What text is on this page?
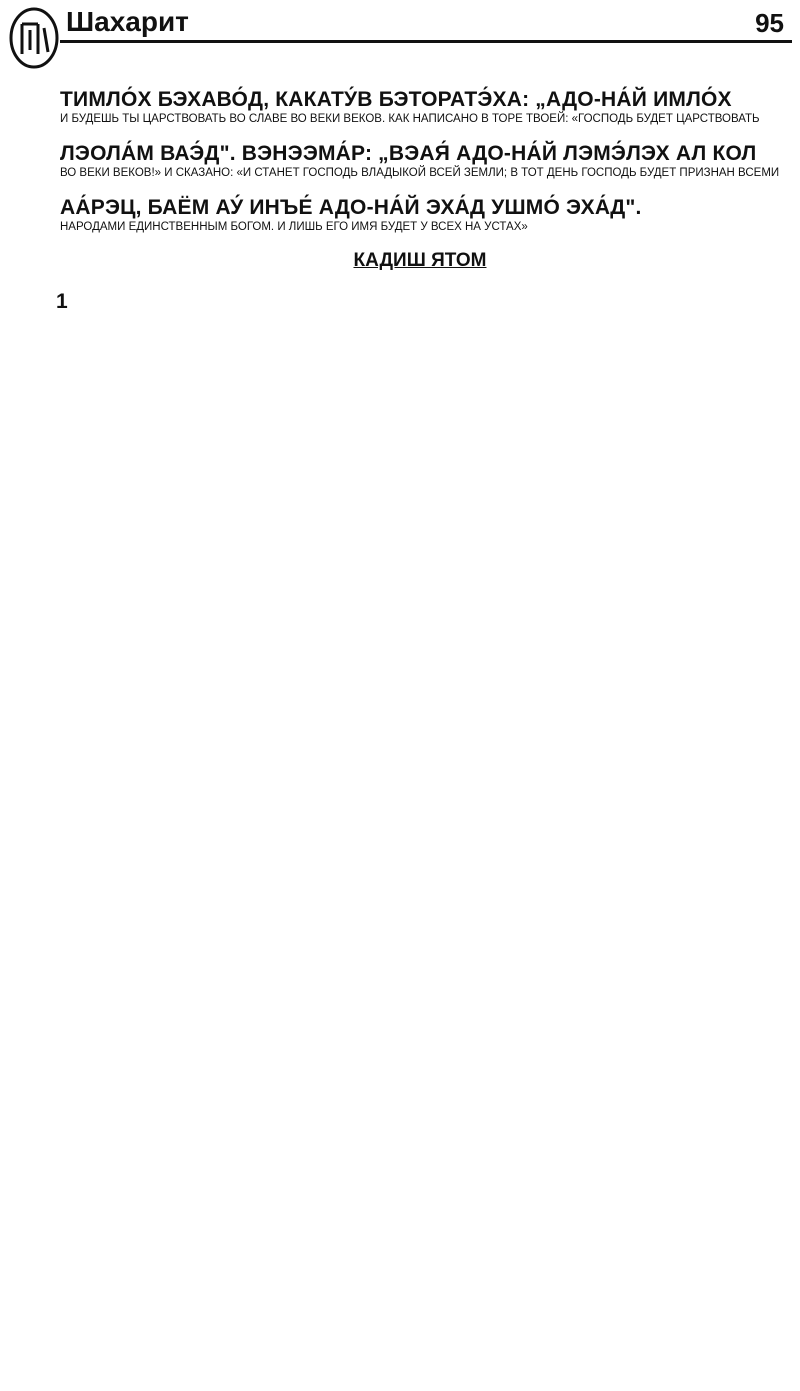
Шахарит	95
ТИМЛО́Х БЭХАВО́Д, КАКАТУ́В БЭТОРАТЭ́ХА: „АДО-НА́Й ИМЛО́Х
И БУДЕШЬ ТЫ ЦАРСТВОВАТЬ ВО СЛАВЕ ВО ВЕКИ ВЕКОВ. КАК НАПИСАНО В ТОРЕ ТВОЕЙ: «ГОСПОДЬ БУДЕТ ЦАРСТВОВАТЬ
ЛЭОЛА́М ВАЭ́Д". ВЭНЭЭМА́Р: „ВЭАЯ́ АДО-НА́Й ЛЭМЭ́ЛЭХ АЛ КОЛ
ВО ВЕКИ ВЕКОВ!» И СКАЗАНО: «И СТАНЕТ ГОСПОДЬ ВЛАДЫКОЙ ВСЕЙ ЗЕМЛИ; В ТОТ ДЕНЬ ГОСПОДЬ БУДЕТ ПРИЗНАН ВСЕМИ
АА́РЭЦ, БАЁМ АУ́ ИНЪЕ́ АДО-НА́Й ЭХА́Д УШМО́ ЭХА́Д".
НАРОДАМИ ЕДИНСТВЕННЫМ БОГОМ. И ЛИШЬ ЕГО ИМЯ БУДЕТ У ВСЕХ НА УСТАХ»
КАДИШ ЯТОМ
1
